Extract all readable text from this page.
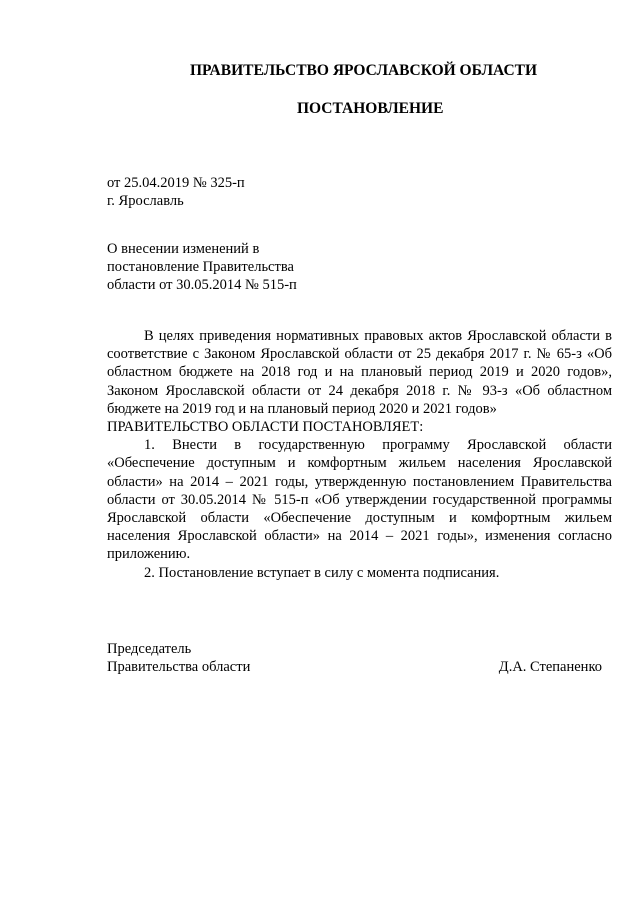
ПРАВИТЕЛЬСТВО ЯРОСЛАВСКОЙ ОБЛАСТИ
ПОСТАНОВЛЕНИЕ
от 25.04.2019 № 325-п
г. Ярославль
О внесении изменений в
постановление Правительства
области от 30.05.2014 № 515-п

В целях приведения нормативных правовых актов Ярославской области в соответствие с Законом Ярославской области от 25 декабря 2017 г. № 65-з «Об областном бюджете на 2018 год и на плановый период 2019 и 2020 годов», Законом Ярославской области от 24 декабря 2018 г. № 93-з «Об областном бюджете на 2019 год и на плановый период 2020 и 2021 годов»

ПРАВИТЕЛЬСТВО ОБЛАСТИ ПОСТАНОВЛЯЕТ:

1. Внести в государственную программу Ярославской области «Обеспечение доступным и комфортным жильем населения Ярославской области» на 2014 – 2021 годы, утвержденную постановлением Правительства области от 30.05.2014 № 515-п «Об утверждении государственной программы Ярославской области «Обеспечение доступным и комфортным жильем населения Ярославской области» на 2014 – 2021 годы», изменения согласно приложению.

2. Постановление вступает в силу с момента подписания.

Председатель
Правительства области	Д.А. Степаненко
